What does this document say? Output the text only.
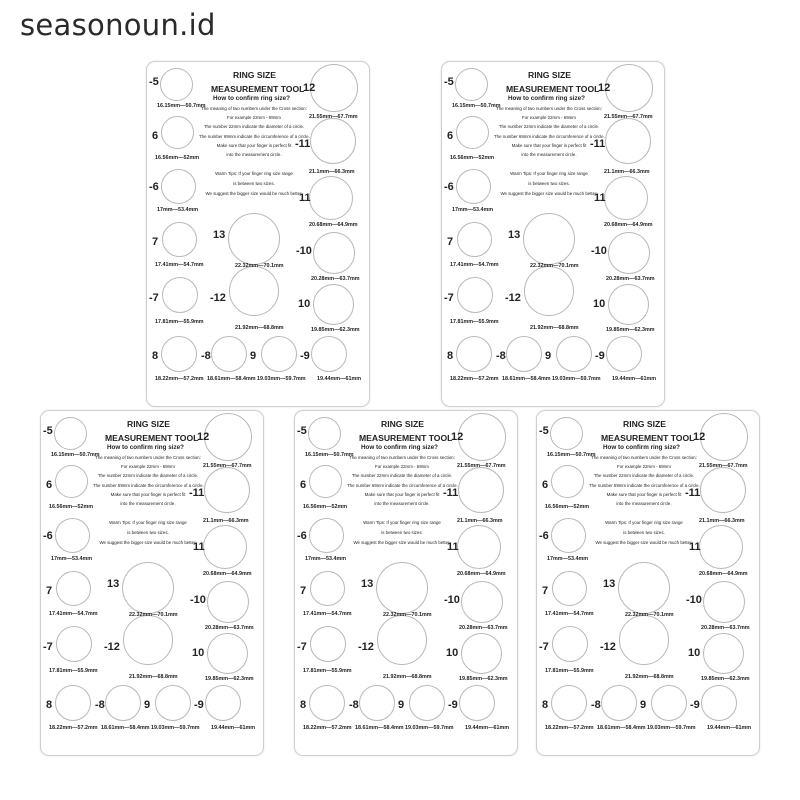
seasonoun.id
RING SIZE
MEASUREMENT TOOL
How to confirm ring size?
The meaning of two numbers under the Cross section:
For example 22mm - 69mm
The number 22mm indicate the diameter of a circle.
The number 69mm indicate the circumference of a circle.
Make sure that your finger is perfect fit
into the measurement circle.
Warm Tips: If your finger ring size range
is between two sizes.
We suggest the bigger size would be much better.
-5
16.15mm—50.7mm
6
16.56mm—52mm
-6
17mm—53.4mm
7
17.41mm—54.7mm
-7
17.81mm—55.9mm
8
18.22mm—57.2mm
-8
18.61mm—58.4mm
9
19.03mm—59.7mm
-9
19.44mm—61mm
10
19.85mm—62.3mm
-10
20.28mm—63.7mm
11
20.68mm—64.9mm
-11
21.1mm—66.3mm
12
21.55mm—67.7mm
-12
21.92mm—68.8mm
13
22.32mm—70.1mm
RING SIZE
MEASUREMENT TOOL
How to confirm ring size?
The meaning of two numbers under the Cross section:
For example 22mm - 69mm
The number 22mm indicate the diameter of a circle.
The number 69mm indicate the circumference of a circle.
Make sure that your finger is perfect fit
into the measurement circle.
Warm Tips: If your finger ring size range
is between two sizes.
We suggest the bigger size would be much better.
-5
16.15mm—50.7mm
6
16.56mm—52mm
-6
17mm—53.4mm
7
17.41mm—54.7mm
-7
17.81mm—55.9mm
8
18.22mm—57.2mm
-8
18.61mm—58.4mm
9
19.03mm—59.7mm
-9
19.44mm—61mm
10
19.85mm—62.3mm
-10
20.28mm—63.7mm
11
20.68mm—64.9mm
-11
21.1mm—66.3mm
12
21.55mm—67.7mm
-12
21.92mm—68.8mm
13
22.32mm—70.1mm
RING SIZE
MEASUREMENT TOOL
How to confirm ring size?
The meaning of two numbers under the Cross section:
For example 22mm - 69mm
The number 22mm indicate the diameter of a circle.
The number 69mm indicate the circumference of a circle.
Make sure that your finger is perfect fit
into the measurement circle.
Warm Tips: If your finger ring size range
is between two sizes.
We suggest the bigger size would be much better.
-5
16.15mm—50.7mm
6
16.56mm—52mm
-6
17mm—53.4mm
7
17.41mm—54.7mm
-7
17.81mm—55.9mm
8
18.22mm—57.2mm
-8
18.61mm—58.4mm
9
19.03mm—59.7mm
-9
19.44mm—61mm
10
19.85mm—62.3mm
-10
20.28mm—63.7mm
11
20.68mm—64.9mm
-11
21.1mm—66.3mm
12
21.55mm—67.7mm
-12
21.92mm—68.8mm
13
22.32mm—70.1mm
RING SIZE
MEASUREMENT TOOL
How to confirm ring size?
The meaning of two numbers under the Cross section:
For example 22mm - 69mm
The number 22mm indicate the diameter of a circle.
The number 69mm indicate the circumference of a circle.
Make sure that your finger is perfect fit
into the measurement circle.
Warm Tips: If your finger ring size range
is between two sizes.
We suggest the bigger size would be much better.
-5
16.15mm—50.7mm
6
16.56mm—52mm
-6
17mm—53.4mm
7
17.41mm—54.7mm
-7
17.81mm—55.9mm
8
18.22mm—57.2mm
-8
18.61mm—58.4mm
9
19.03mm—59.7mm
-9
19.44mm—61mm
10
19.85mm—62.3mm
-10
20.28mm—63.7mm
11
20.68mm—64.9mm
-11
21.1mm—66.3mm
12
21.55mm—67.7mm
-12
21.92mm—68.8mm
13
22.32mm—70.1mm
RING SIZE
MEASUREMENT TOOL
How to confirm ring size?
The meaning of two numbers under the Cross section:
For example 22mm - 69mm
The number 22mm indicate the diameter of a circle.
The number 69mm indicate the circumference of a circle.
Make sure that your finger is perfect fit
into the measurement circle.
Warm Tips: If your finger ring size range
is between two sizes.
We suggest the bigger size would be much better.
-5
16.15mm—50.7mm
6
16.56mm—52mm
-6
17mm—53.4mm
7
17.41mm—54.7mm
-7
17.81mm—55.9mm
8
18.22mm—57.2mm
-8
18.61mm—58.4mm
9
19.03mm—59.7mm
-9
19.44mm—61mm
10
19.85mm—62.3mm
-10
20.28mm—63.7mm
11
20.68mm—64.9mm
-11
21.1mm—66.3mm
12
21.55mm—67.7mm
-12
21.92mm—68.8mm
13
22.32mm—70.1mm
